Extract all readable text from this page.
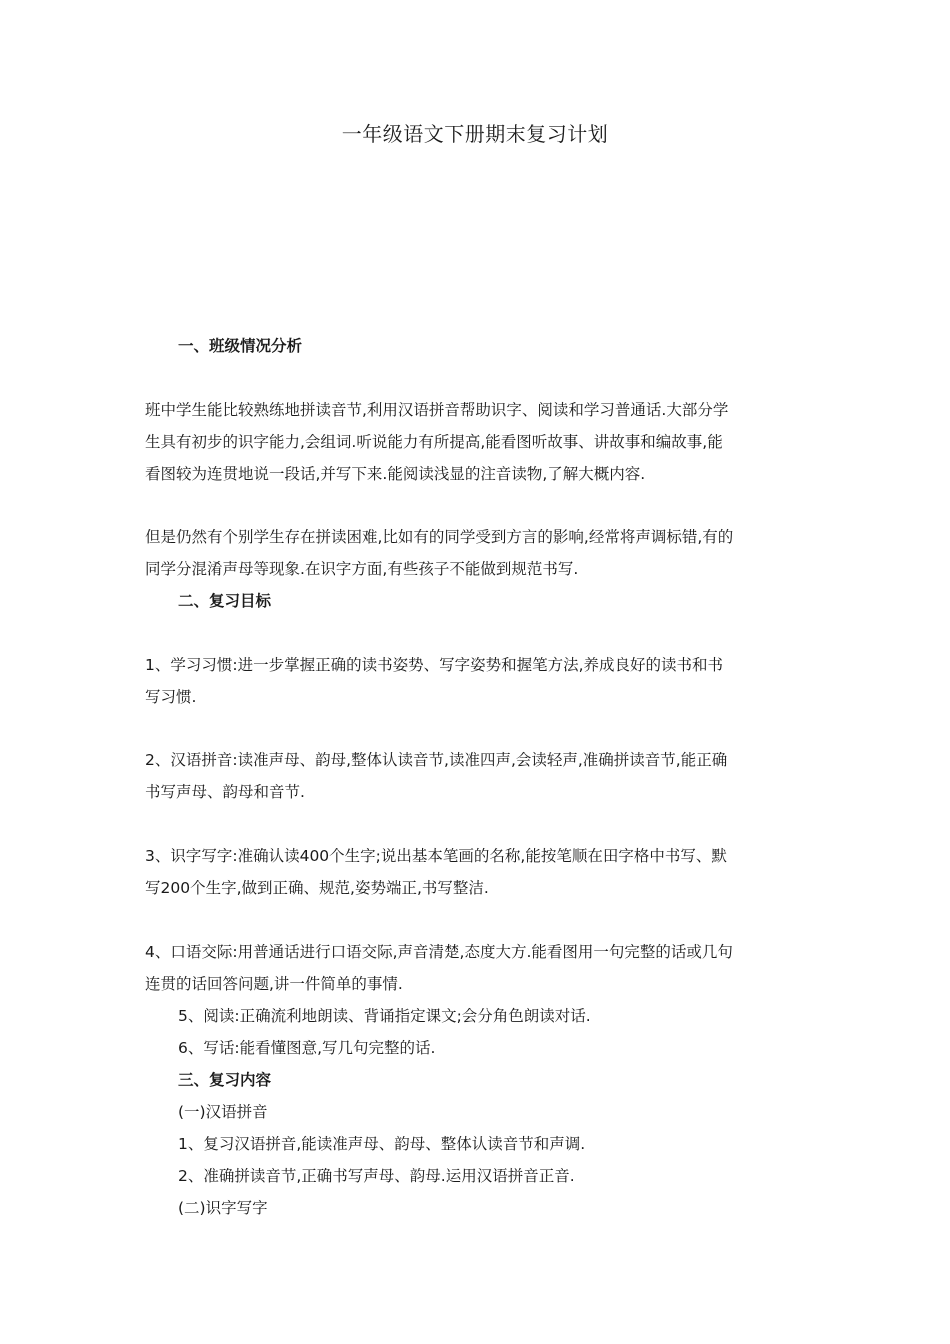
一年级语文下册期末复习计划
一、班级情况分析
班中学生能比较熟练地拼读音节,利用汉语拼音帮助识字、阅读和学习普通话.大部分学
生具有初步的识字能力,会组词.听说能力有所提高,能看图听故事、讲故事和编故事,能
看图较为连贯地说一段话,并写下来.能阅读浅显的注音读物,了解大概内容.
但是仍然有个别学生存在拼读困难,比如有的同学受到方言的影响,经常将声调标错,有的
同学分混淆声母等现象.在识字方面,有些孩子不能做到规范书写.
二、复习目标
1、学习习惯:进一步掌握正确的读书姿势、写字姿势和握笔方法,养成良好的读书和书
写习惯.
2、汉语拼音:读准声母、韵母,整体认读音节,读准四声,会读轻声,准确拼读音节,能正确
书写声母、韵母和音节.
3、识字写字:准确认读400个生字;说出基本笔画的名称,能按笔顺在田字格中书写、默
写200个生字,做到正确、规范,姿势端正,书写整洁.
4、口语交际:用普通话进行口语交际,声音清楚,态度大方.能看图用一句完整的话或几句
连贯的话回答问题,讲一件简单的事情.
5、阅读:正确流利地朗读、背诵指定课文;会分角色朗读对话.
6、写话:能看懂图意,写几句完整的话.
三、复习内容
(一)汉语拼音
1、复习汉语拼音,能读准声母、韵母、整体认读音节和声调.
2、准确拼读音节,正确书写声母、韵母.运用汉语拼音正音.
(二)识字写字
